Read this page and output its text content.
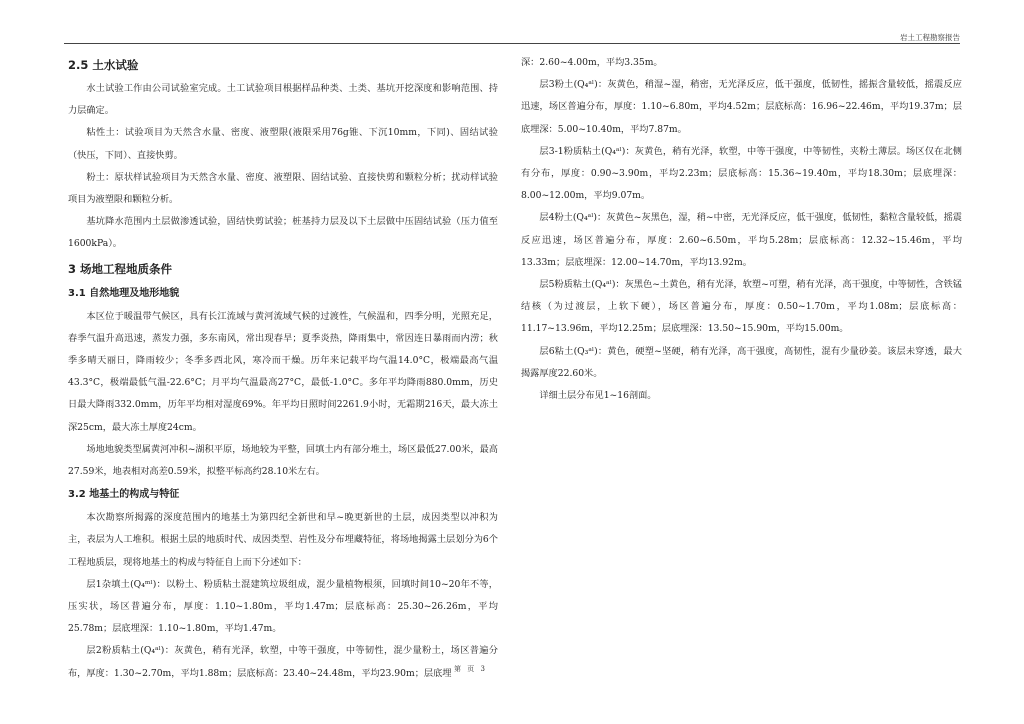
岩土工程勘察报告

2.5 土水试验

水土试验工作由公司试验室完成。土工试验项目根据样品种类、土类、基坑开挖深度和影响范围、持力层确定。

粘性土：试验项目为天然含水量、密度、液塑限(液限采用76g锥、下沉10mm，下同)、固结试验（快压，下同）、直接快剪。

粉土：原状样试验项目为天然含水量、密度、液塑限、固结试验、直接快剪和颗粒分析；扰动样试验项目为液塑限和颗粒分析。

基坑降水范围内土层做渗透试验，固结快剪试验；桩基持力层及以下土层做中压固结试验（压力值至1600kPa）。

3 场地工程地质条件

3.1 自然地理及地形地貌

本区位于暖温带气候区，具有长江流域与黄河流域气候的过渡性，气候温和，四季分明，光照充足，春季气温升高迅速，蒸发力强，多东南风，常出现春旱；夏季炎热，降雨集中，常因连日暴雨而内涝；秋季多晴天丽日，降雨较少；冬季多西北风，寒冷而干燥。历年来记载平均气温14.0°C，极端最高气温43.3°C，极端最低气温-22.6°C；月平均气温最高27°C，最低-1.0°C。多年平均降雨880.0mm，历史日最大降雨332.0mm，历年平均相对湿度69%。年平均日照时间2261.9小时，无霜期216天，最大冻土深25cm，最大冻土厚度24cm。

场地地貌类型属黄河冲积~湖积平原，场地较为平整，回填土内有部分堆土，场区最低27.00米，最高27.59米，地表相对高差0.59米，拟整平标高约28.10米左右。

3.2 地基土的构成与特征

本次勘察所揭露的深度范围内的地基土为第四纪全新世和早~晚更新世的土层，成因类型以冲积为主，表层为人工堆积。根据土层的地质时代、成因类型、岩性及分布埋藏特征，将场地揭露土层划分为6个工程地质层，现将地基土的构成与特征自上而下分述如下：

层1杂填土(Q₄ᵐˡ)：以粉土、粉质粘土混建筑垃圾组成，混少量植物根须，回填时间10~20年不等，压实状，场区普遍分布，厚度：1.10~1.80m，平均1.47m；层底标高：25.30~26.26m，平均25.78m；层底埋深：1.10~1.80m，平均1.47m。

层2粉质粘土(Q₄ᵃˡ)：灰黄色，稍有光泽，软塑，中等干强度，中等韧性，混少量粉土，场区普遍分布，厚度：1.30~2.70m，平均1.88m；层底标高：23.40~24.48m，平均23.90m；层底埋

深：2.60~4.00m，平均3.35m。

层3粉土(Q₄ᵃˡ)：灰黄色，稍湿~湿，稍密，无光泽反应，低干强度，低韧性，摇振含量较低，摇震反应迅速，场区普遍分布，厚度：1.10~6.80m，平均4.52m；层底标高：16.96~22.46m，平均19.37m；层底埋深：5.00~10.40m，平均7.87m。

层3-1粉质粘土(Q₄ᵃˡ)：灰黄色，稍有光泽，软塑，中等干强度，中等韧性，夹粉土薄层。场区仅在北侧有分布，厚度：0.90~3.90m，平均2.23m；层底标高：15.36~19.40m，平均18.30m；层底埋深：8.00~12.00m，平均9.07m。

层4粉土(Q₄ᵃˡ)：灰黄色~灰黑色，湿，稍~中密，无光泽反应，低干强度，低韧性，黏粒含量较低，摇震反应迅速，场区普遍分布，厚度：2.60~6.50m，平均5.28m；层底标高：12.32~15.46m，平均13.33m；层底埋深：12.00~14.70m，平均13.92m。

层5粉质粘土(Q₄ᵃˡ)：灰黑色~土黄色，稍有光泽，软塑~可塑，稍有光泽，高干强度，中等韧性，含铁锰结核（为过渡层，上软下硬），场区普遍分布，厚度：0.50~1.70m，平均1.08m；层底标高：11.17~13.96m，平均12.25m；层底埋深：13.50~15.90m，平均15.00m。

层6粘土(Q₃ᵃˡ)：黄色，硬塑~坚硬，稍有光泽，高干强度，高韧性，混有少量砂姜。该层未穿透，最大揭露厚度22.60米。

详细土层分布见1~16剖面。

第 页 3
